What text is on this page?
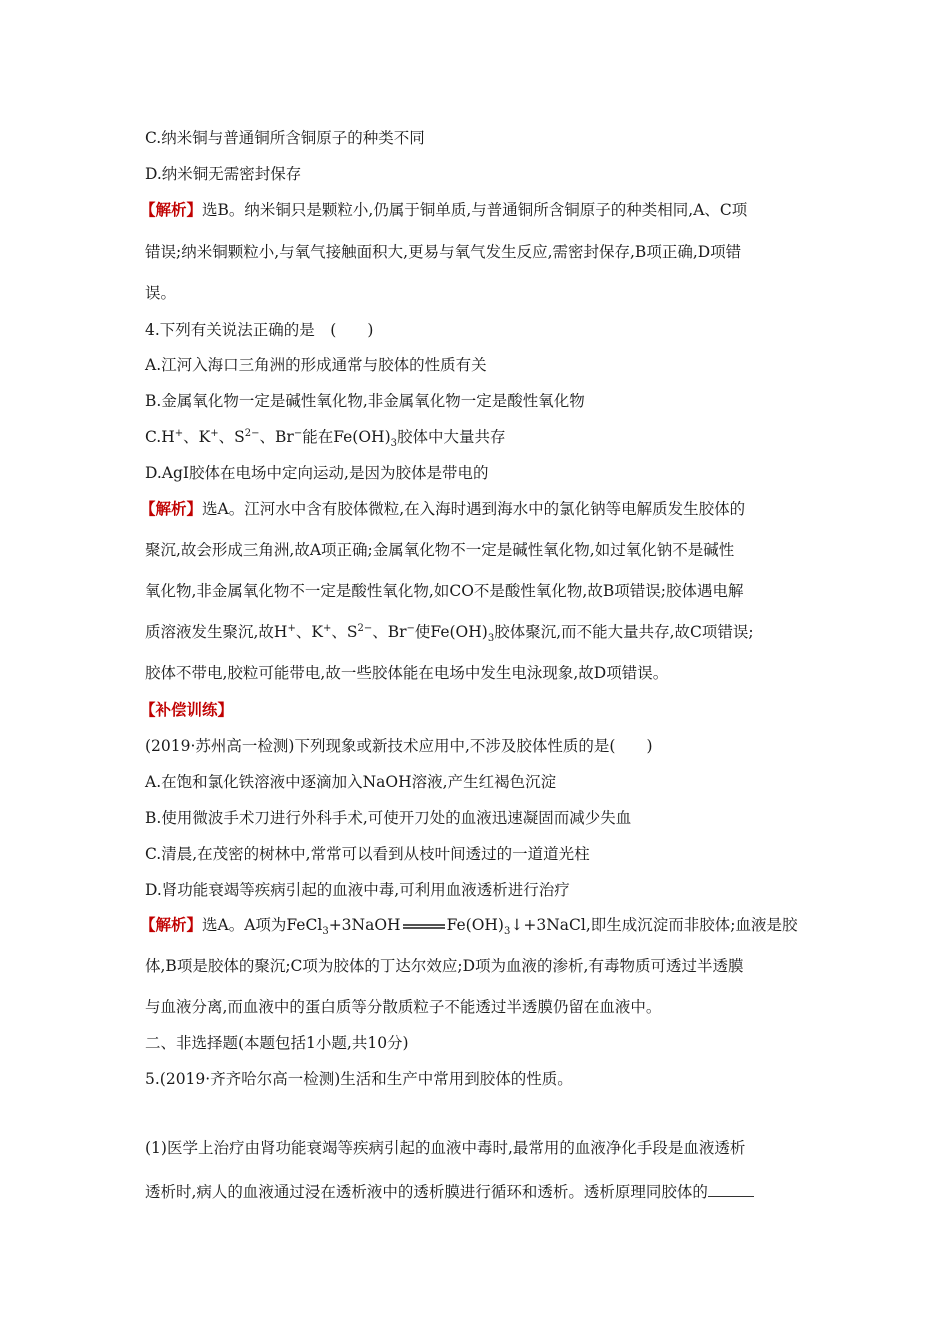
C.纳米铜与普通铜所含铜原子的种类不同
D.纳米铜无需密封保存
【解析】选B。纳米铜只是颗粒小,仍属于铜单质,与普通铜所含铜原子的种类相同,A、C项
错误;纳米铜颗粒小,与氧气接触面积大,更易与氧气发生反应,需密封保存,B项正确,D项错
误。
4.下列有关说法正确的是　(　　)
A.江河入海口三角洲的形成通常与胶体的性质有关
B.金属氧化物一定是碱性氧化物,非金属氧化物一定是酸性氧化物
C.H+、K+、$S^{2-}$、Br−能在$Fe(OH)_3$胶体中大量共存
D.AgI胶体在电场中定向运动,是因为胶体是带电的
【解析】选A。江河水中含有胶体微粒,在入海时遇到海水中的氯化钠等电解质发生胶体的
聚沉,故会形成三角洲,故A项正确;金属氧化物不一定是碱性氧化物,如过氧化钠不是碱性
氧化物,非金属氧化物不一定是酸性氧化物,如CO不是酸性氧化物,故B项错误;胶体遇电解
质溶液发生聚沉,故H+、K+、$S^{2-}$、Br−使$Fe(OH)_3$胶体聚沉,而不能大量共存,故C项错误;
胶体不带电,胶粒可能带电,故一些胶体能在电场中发生电泳现象,故D项错误。
【补偿训练】
(2019·苏州高一检测)下列现象或新技术应用中,不涉及胶体性质的是(　　)
A.在饱和氯化铁溶液中逐滴加入NaOH溶液,产生红褐色沉淀
B.使用微波手术刀进行外科手术,可使开刀处的血液迅速凝固而减少失血
C.清晨,在茂密的树林中,常常可以看到从枝叶间透过的一道道光柱
D.肾功能衰竭等疾病引起的血液中毒,可利用血液透析进行治疗
【解析】选A。A项为FeCl$_3$+3NaOH	$Fe(OH)_3↓+3NaCl$,即生成沉淀而非胶体;血液是胶
体,B项是胶体的聚沉;C项为胶体的丁达尔效应;D项为血液的渗析,有毒物质可透过半透膜
与血液分离,而血液中的蛋白质等分散质粒子不能透过半透膜仍留在血液中。
二、非选择题(本题包括1小题,共10分)
5.(2019·齐齐哈尔高一检测)生活和生产中常用到胶体的性质。
(1)医学上治疗由肾功能衰竭等疾病引起的血液中毒时,最常用的血液净化手段是血液透析
透析时,病人的血液通过浸在透析液中的透析膜进行循环和透析。透析原理同胶体的
